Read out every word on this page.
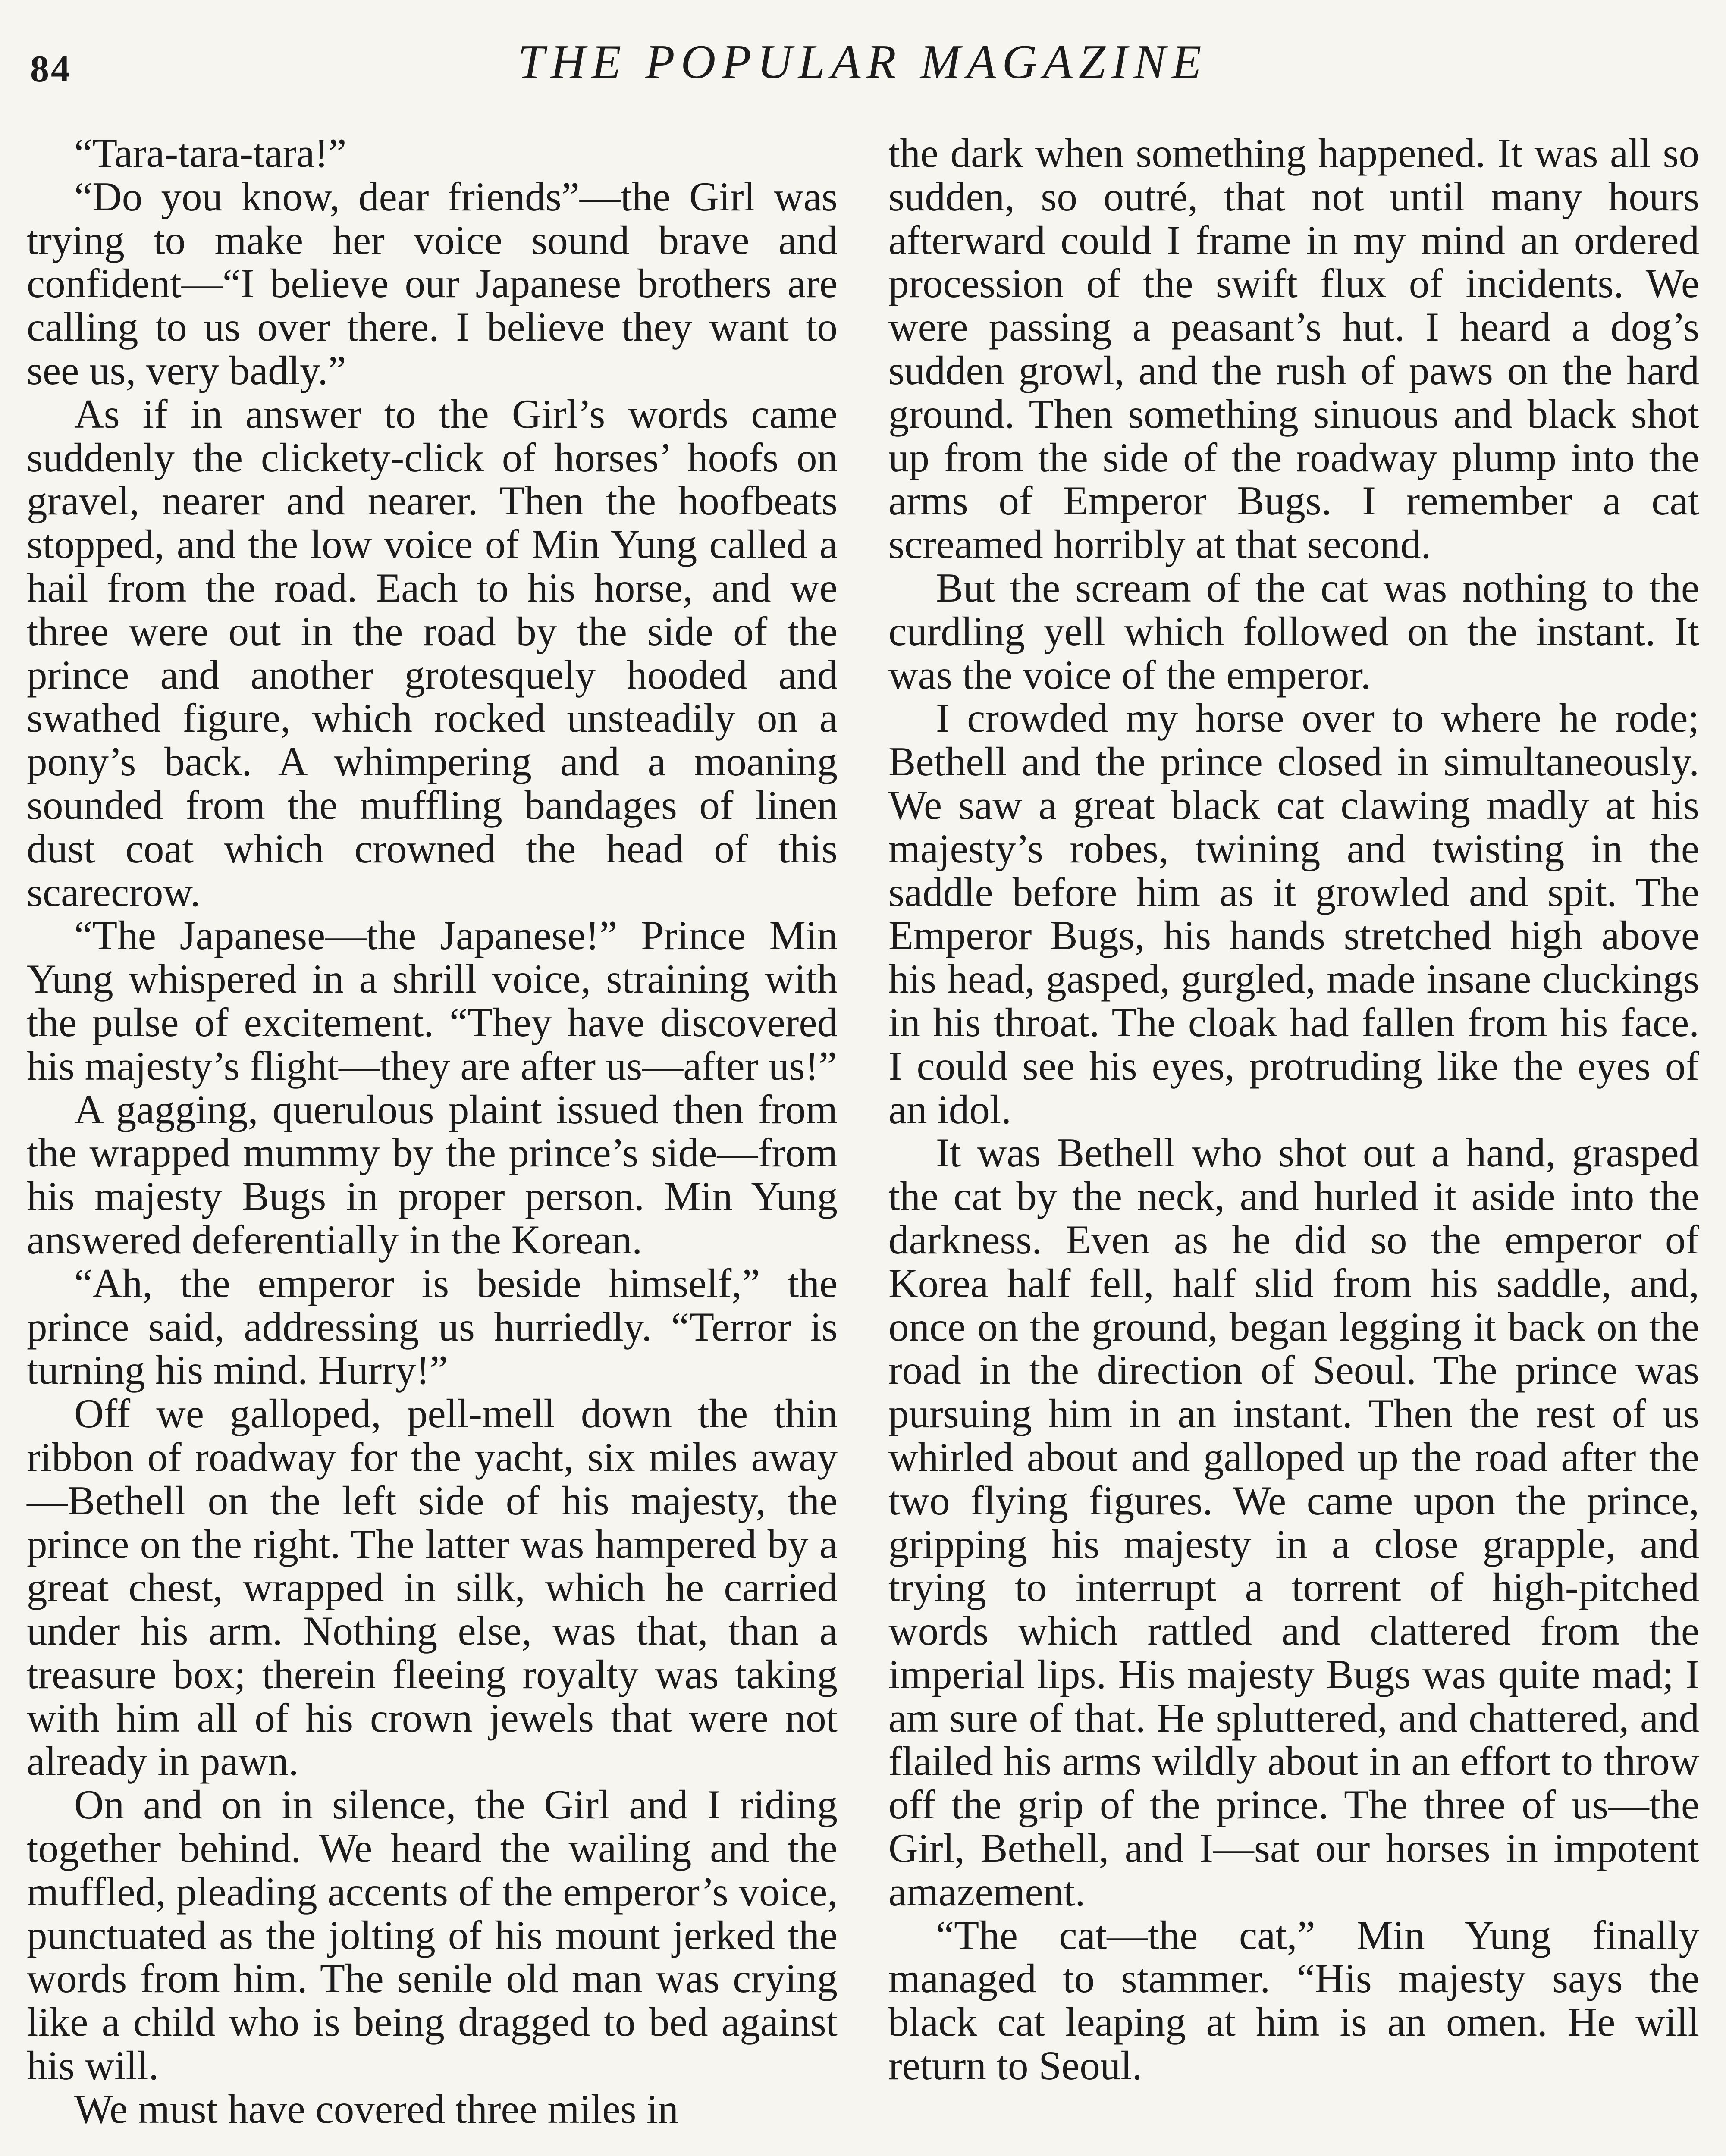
84	THE POPULAR MAGAZINE

“Tara-tara-tara!”

“Do you know, dear friends”—the Girl was trying to make her voice sound brave and confident—“I believe our Japanese brothers are calling to us over there. I believe they want to see us, very badly.”

As if in answer to the Girl’s words came suddenly the clickety-click of horses’ hoofs on gravel, nearer and nearer. Then the hoofbeats stopped, and the low voice of Min Yung called a hail from the road. Each to his horse, and we three were out in the road by the side of the prince and another grotesquely hooded and swathed figure, which rocked unsteadily on a pony’s back. A whimpering and a moaning sounded from the muffling bandages of linen dust coat which crowned the head of this scarecrow.

“The Japanese—the Japanese!” Prince Min Yung whispered in a shrill voice, straining with the pulse of excitement. “They have discovered his majesty’s flight—they are after us—after us!”

A gagging, querulous plaint issued then from the wrapped mummy by the prince’s side—from his majesty Bugs in proper person. Min Yung answered deferentially in the Korean.

“Ah, the emperor is beside himself,” the prince said, addressing us hurriedly. “Terror is turning his mind. Hurry!”

Off we galloped, pell-mell down the thin ribbon of roadway for the yacht, six miles away—Bethell on the left side of his majesty, the prince on the right. The latter was hampered by a great chest, wrapped in silk, which he carried under his arm. Nothing else, was that, than a treasure box; therein fleeing royalty was taking with him all of his crown jewels that were not already in pawn.

On and on in silence, the Girl and I riding together behind. We heard the wailing and the muffled, pleading accents of the emperor’s voice, punctuated as the jolting of his mount jerked the words from him. The senile old man was crying like a child who is being dragged to bed against his will.

We must have covered three miles in

the dark when something happened. It was all so sudden, so outré, that not until many hours afterward could I frame in my mind an ordered procession of the swift flux of incidents. We were passing a peasant’s hut. I heard a dog’s sudden growl, and the rush of paws on the hard ground. Then something sinuous and black shot up from the side of the roadway plump into the arms of Emperor Bugs. I remember a cat screamed horribly at that second.

But the scream of the cat was nothing to the curdling yell which followed on the instant. It was the voice of the emperor.

I crowded my horse over to where he rode; Bethell and the prince closed in simultaneously. We saw a great black cat clawing madly at his majesty’s robes, twining and twisting in the saddle before him as it growled and spit. The Emperor Bugs, his hands stretched high above his head, gasped, gurgled, made insane cluckings in his throat. The cloak had fallen from his face. I could see his eyes, protruding like the eyes of an idol.

It was Bethell who shot out a hand, grasped the cat by the neck, and hurled it aside into the darkness. Even as he did so the emperor of Korea half fell, half slid from his saddle, and, once on the ground, began legging it back on the road in the direction of Seoul. The prince was pursuing him in an instant. Then the rest of us whirled about and galloped up the road after the two flying figures. We came upon the prince, gripping his majesty in a close grapple, and trying to interrupt a torrent of high-pitched words which rattled and clattered from the imperial lips. His majesty Bugs was quite mad; I am sure of that. He spluttered, and chattered, and flailed his arms wildly about in an effort to throw off the grip of the prince. The three of us—the Girl, Bethell, and I—sat our horses in impotent amazement.

“The cat—the cat,” Min Yung finally managed to stammer. “His majesty says the black cat leaping at him is an omen. He will return to Seoul.
